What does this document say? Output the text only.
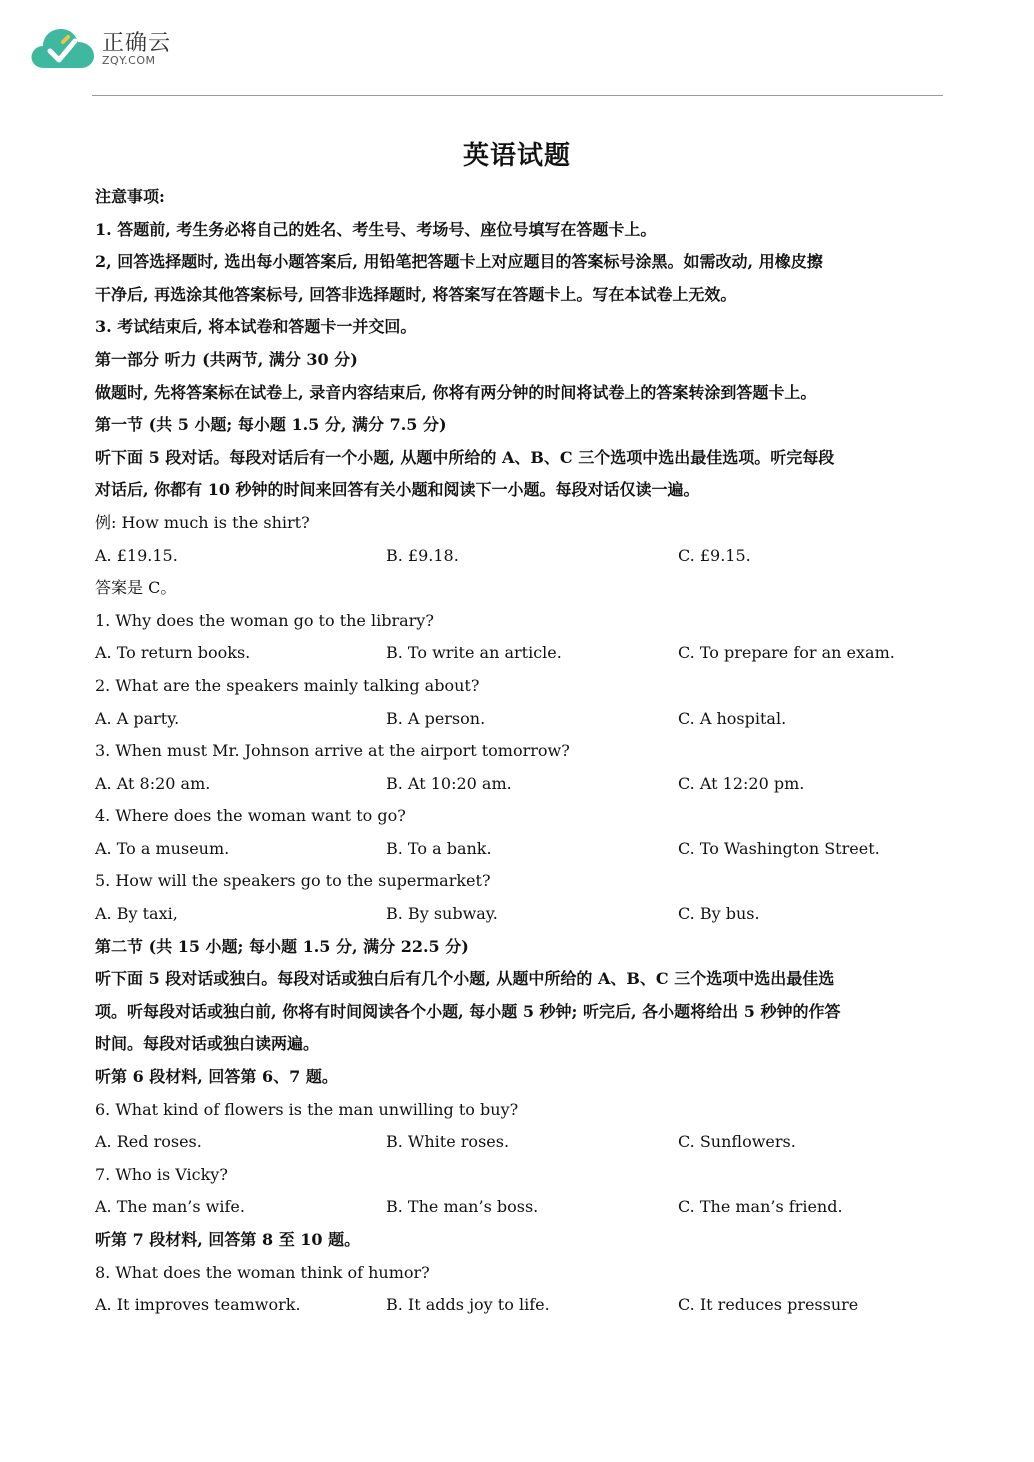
正确云
ZQY.COM
英语试题
注意事项:
1. 答题前, 考生务必将自己的姓名、考生号、考场号、座位号填写在答题卡上。
2, 回答选择题时, 选出每小题答案后, 用铅笔把答题卡上对应题目的答案标号涂黑。如需改动, 用橡皮擦
干净后, 再选涂其他答案标号, 回答非选择题时, 将答案写在答题卡上。写在本试卷上无效。
3. 考试结束后, 将本试卷和答题卡一并交回。
第一部分 听力 (共两节, 满分 30 分)
做题时, 先将答案标在试卷上, 录音内容结束后, 你将有两分钟的时间将试卷上的答案转涂到答题卡上。
第一节 (共 5 小题; 每小题 1.5 分, 满分 7.5 分)
听下面 5 段对话。每段对话后有一个小题, 从题中所给的 A、B、C 三个选项中选出最佳选项。听完每段
对话后, 你都有 10 秒钟的时间来回答有关小题和阅读下一小题。每段对话仅读一遍。
例: How much is the shirt?
A. £19.15.	B. £9.18.	C. £9.15.
答案是 C。
1. Why does the woman go to the library?
A. To return books.	B. To write an article.	C. To prepare for an exam.
2. What are the speakers mainly talking about?
A. A party.	B. A person.	C. A hospital.
3. When must Mr. Johnson arrive at the airport tomorrow?
A. At 8:20 am.	B. At 10:20 am.	C. At 12:20 pm.
4. Where does the woman want to go?
A. To a museum.	B. To a bank.	C. To Washington Street.
5. How will the speakers go to the supermarket?
A. By taxi,	B. By subway.	C. By bus.
第二节 (共 15 小题; 每小题 1.5 分, 满分 22.5 分)
听下面 5 段对话或独白。每段对话或独白后有几个小题, 从题中所给的 A、B、C 三个选项中选出最佳选
项。听每段对话或独白前, 你将有时间阅读各个小题, 每小题 5 秒钟; 听完后, 各小题将给出 5 秒钟的作答
时间。每段对话或独白读两遍。
听第 6 段材料, 回答第 6、7 题。
6. What kind of flowers is the man unwilling to buy?
A. Red roses.	B. White roses.	C. Sunflowers.
7. Who is Vicky?
A. The man’s wife.	B. The man’s boss.	C. The man’s friend.
听第 7 段材料, 回答第 8 至 10 题。
8. What does the woman think of humor?
A. It improves teamwork.	B. It adds joy to life.	C. It reduces pressure
